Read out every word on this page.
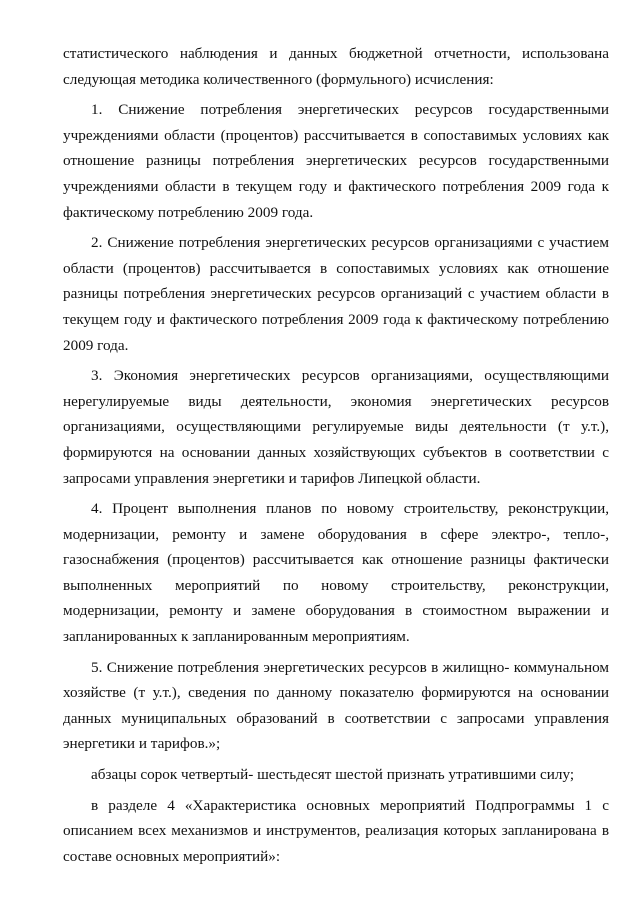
статистического наблюдения и данных бюджетной отчетности, использована следующая методика количественного (формульного) исчисления:

1. Снижение потребления энергетических ресурсов государственными учреждениями области (процентов) рассчитывается в сопоставимых условиях как отношение разницы потребления энергетических ресурсов государственными учреждениями области в текущем году и фактического потребления 2009 года к фактическому потреблению 2009 года.

2. Снижение потребления энергетических ресурсов организациями с участием области (процентов) рассчитывается в сопоставимых условиях как отношение разницы потребления энергетических ресурсов организаций с участием области в текущем году и фактического потребления 2009 года к фактическому потреблению 2009 года.

3. Экономия энергетических ресурсов организациями, осуществляющими нерегулируемые виды деятельности, экономия энергетических ресурсов организациями, осуществляющими регулируемые виды деятельности (т у.т.), формируются на основании данных хозяйствующих субъектов в соответствии с запросами управления энергетики и тарифов Липецкой области.

4. Процент выполнения планов по новому строительству, реконструкции, модернизации, ремонту и замене оборудования в сфере электро-, тепло-, газоснабжения (процентов) рассчитывается как отношение разницы фактически выполненных мероприятий по новому строительству, реконструкции, модернизации, ремонту и замене оборудования в стоимостном выражении и запланированных к запланированным мероприятиям.

5. Снижение потребления энергетических ресурсов в жилищно- коммунальном хозяйстве (т у.т.), сведения по данному показателю формируются на основании данных муниципальных образований в соответствии с запросами управления энергетики и тарифов.»;

абзацы сорок четвертый- шестьдесят шестой признать утратившими силу;

в разделе 4 «Характеристика основных мероприятий Подпрограммы 1 с описанием всех механизмов и инструментов, реализация которых запланирована в составе основных мероприятий»:
